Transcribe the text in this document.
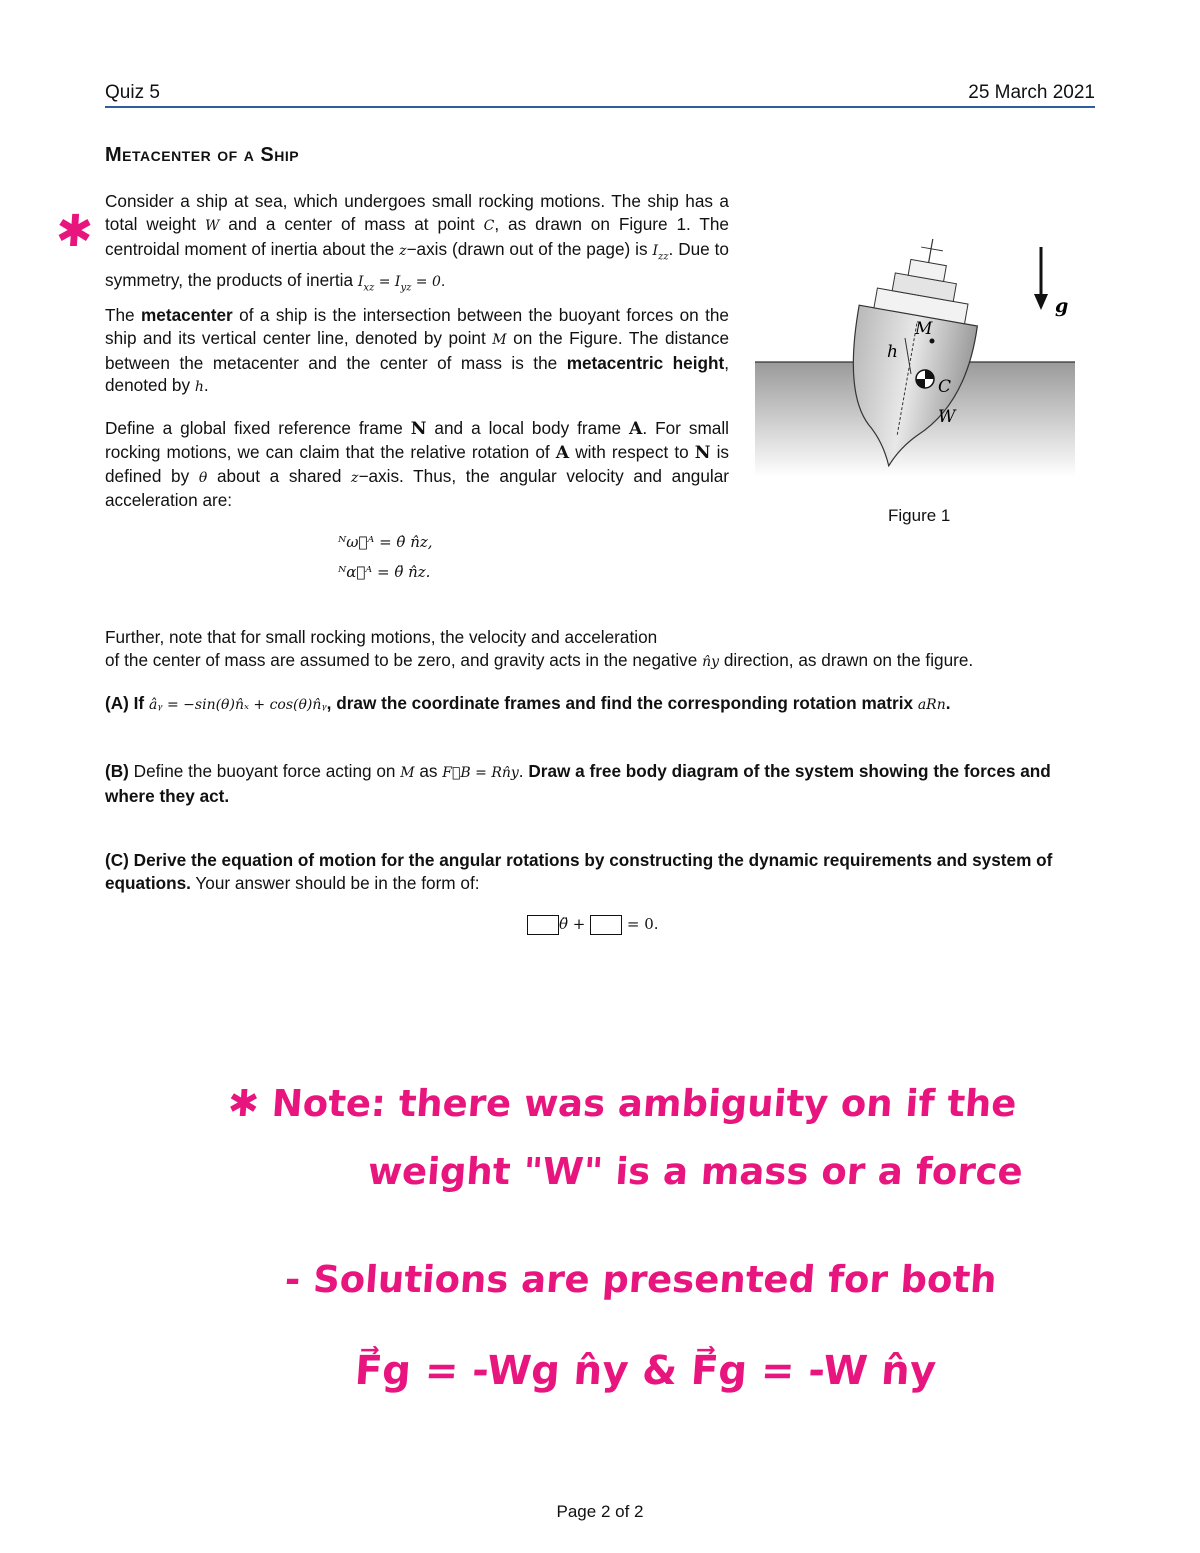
Quiz 5	25 March 2021
Metacenter of a Ship
✱
Consider a ship at sea, which undergoes small rocking motions. The ship has a total weight W and a center of mass at point C, as drawn on Figure 1. The centroidal moment of inertia about the z−axis (drawn out of the page) is $I_{zz}$. Due to symmetry, the products of inertia $I_{xz} = I_{yz} = 0$.
The metacenter of a ship is the intersection between the buoyant forces on the ship and its vertical center line, denoted by point M on the Figure. The distance between the metacenter and the center of mass is the metacentric height, denoted by h.
Define a global fixed reference frame N and a local body frame A. For small rocking motions, we can claim that the relative rotation of A with respect to N is defined by θ about a shared z−axis. Thus, the angular velocity and angular acceleration are:
ᴺω⃗ᴬ = θ̇ n̂z,
ᴺα⃗ᴬ = θ̈ n̂z.
M
h
C
W
g
Figure 1
Further, note that for small rocking motions, the velocity and acceleration
of the center of mass are assumed to be zero, and gravity acts in the negative n̂y direction, as drawn on the figure.
(A) If âᵧ = −sin(θ)n̂ₓ + cos(θ)n̂ᵧ, draw the coordinate frames and find the corresponding rotation matrix aRn.
(B) Define the buoyant force acting on M as F⃗B = Rn̂y. Draw a free body diagram of the system showing the forces and where they act.
(C) Derive the equation of motion for the angular rotations by constructing the dynamic requirements and system of equations. Your answer should be in the form of:
θ̈ +  = 0.
✱ Note: there was ambiguity on if the
weight "W" is a mass or a force
- Solutions are presented for both
F⃗g = -Wg n̂y & F⃗g = -W n̂y
Page 2 of 2
